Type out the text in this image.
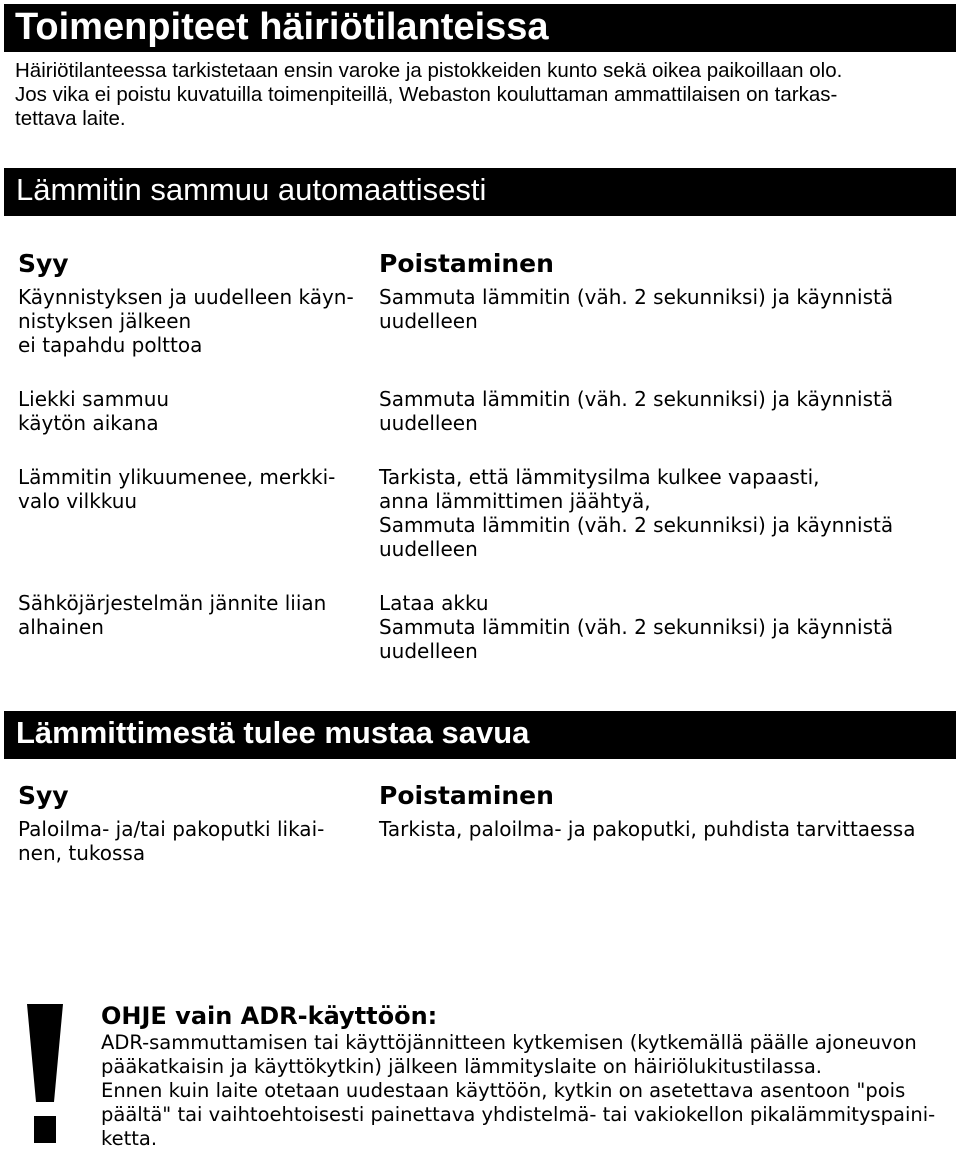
Toimenpiteet häiriötilanteissa
Häiriötilanteessa tarkistetaan ensin varoke ja pistokkeiden kunto sekä oikea paikoillaan olo.
Jos vika ei poistu kuvatuilla toimenpiteillä, Webaston kouluttaman ammattilaisen on tarkas-
tettava laite.
Lämmitin sammuu automaattisesti
Syy	Poistaminen
Käynnistyksen ja uudelleen käyn-
nistyksen jälkeen
ei tapahdu polttoa
Sammuta lämmitin (väh. 2 sekunniksi) ja käynnistä
uudelleen
Liekki sammuu
käytön aikana
Sammuta lämmitin (väh. 2 sekunniksi) ja käynnistä
uudelleen
Lämmitin ylikuumenee, merkki-
valo vilkkuu
Tarkista, että lämmitysilma kulkee vapaasti,
anna lämmittimen jäähtyä,
Sammuta lämmitin (väh. 2 sekunniksi) ja käynnistä
uudelleen
Sähköjärjestelmän jännite liian
alhainen
Lataa akku
Sammuta lämmitin (väh. 2 sekunniksi) ja käynnistä
uudelleen
Lämmittimestä tulee mustaa savua
Syy	Poistaminen
Paloilma- ja/tai pakoputki likai-
nen, tukossa
Tarkista, paloilma- ja pakoputki, puhdista tarvittaessa
OHJE vain ADR-käyttöön:
ADR-sammuttamisen tai käyttöjännitteen kytkemisen (kytkemällä päälle ajoneuvon
pääkatkaisin ja käyttökytkin) jälkeen lämmityslaite on häiriölukitustilassa.
Ennen kuin laite otetaan uudestaan käyttöön, kytkin on asetettava asentoon "pois
päältä" tai vaihtoehtoisesti painettava yhdistelmä- tai vakiokellon pikalämmityspaini-
ketta.
